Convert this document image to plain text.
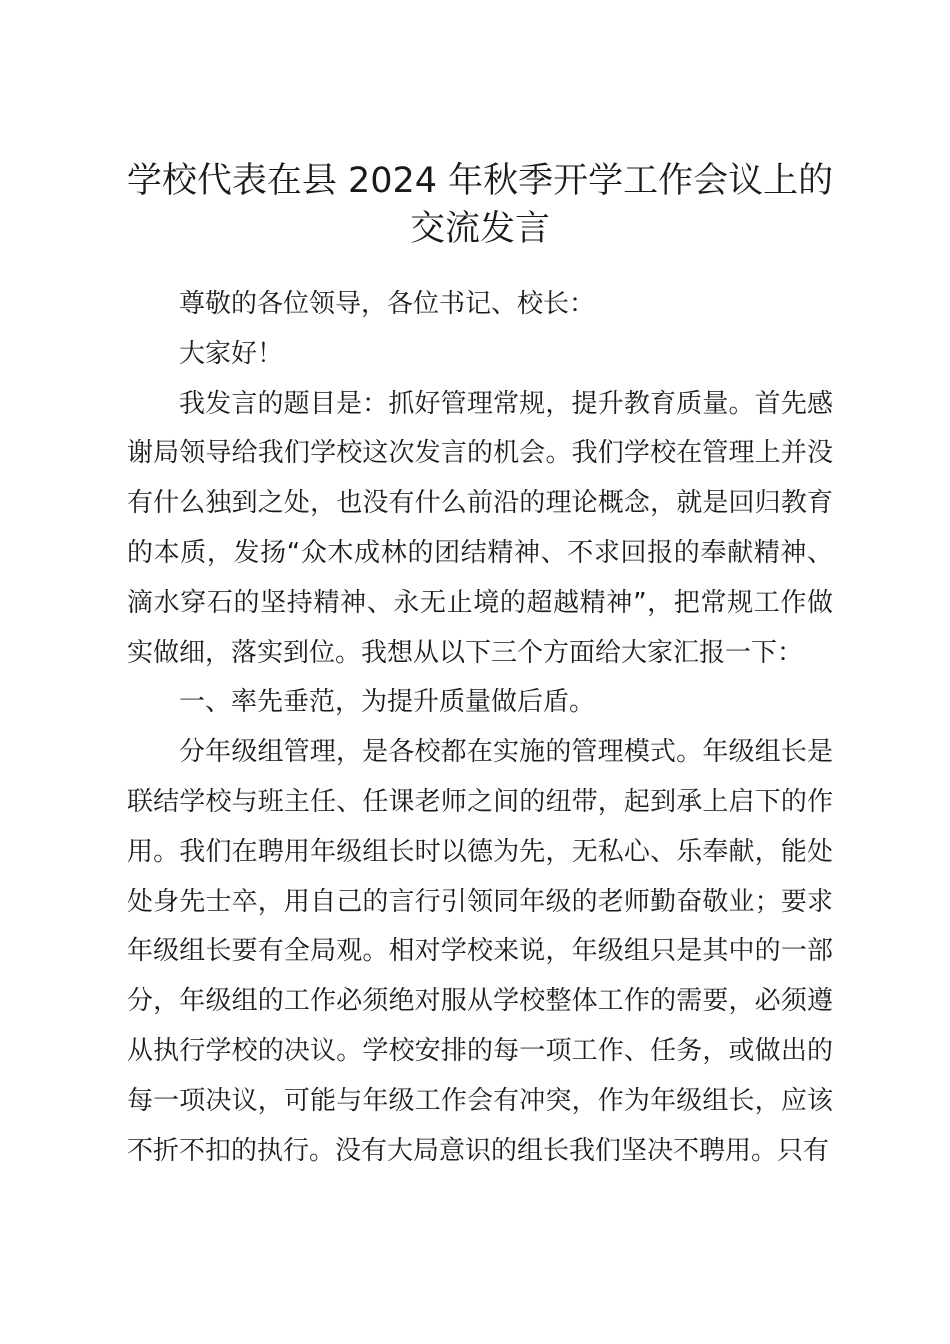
学校代表在县 2024 年秋季开学工作会议上的交流发言

尊敬的各位领导，各位书记、校长：

大家好！

我发言的题目是：抓好管理常规，提升教育质量。首先感谢局领导给我们学校这次发言的机会。我们学校在管理上并没有什么独到之处，也没有什么前沿的理论概念，就是回归教育的本质，发扬“众木成林的团结精神、不求回报的奉献精神、滴水穿石的坚持精神、永无止境的超越精神”，把常规工作做实做细，落实到位。我想从以下三个方面给大家汇报一下：

一、率先垂范，为提升质量做后盾。

分年级组管理，是各校都在实施的管理模式。年级组长是联结学校与班主任、任课老师之间的纽带，起到承上启下的作用。我们在聘用年级组长时以德为先，无私心、乐奉献，能处处身先士卒，用自己的言行引领同年级的老师勤奋敬业；要求年级组长要有全局观。相对学校来说，年级组只是其中的一部分，年级组的工作必须绝对服从学校整体工作的需要，必须遵从执行学校的决议。学校安排的每一项工作、任务，或做出的每一项决议，可能与年级工作会有冲突，作为年级组长，应该不折不扣的执行。没有大局意识的组长我们坚决不聘用。只有
